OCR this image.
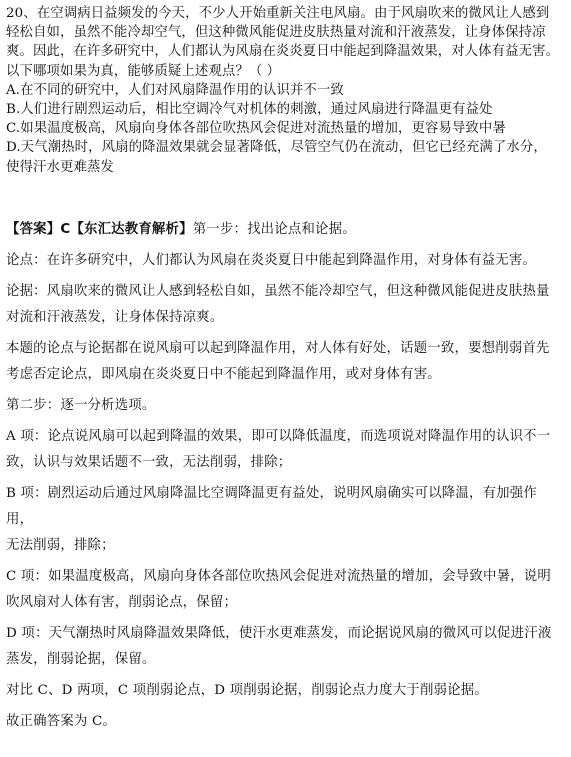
20、在空调病日益频发的今天，不少人开始重新关注电风扇。由于风扇吹来的微风让人感到
轻松自如，虽然不能冷却空气，但这种微风能促进皮肤热量对流和汗液蒸发，让身体保持凉
爽。因此，在许多研究中，人们都认为风扇在炎炎夏日中能起到降温效果，对人体有益无害。
以下哪项如果为真，能够质疑上述观点？（ ）

A.在不同的研究中，人们对风扇降温作用的认识并不一致

B.人们进行剧烈运动后，相比空调冷气对机体的刺激，通过风扇进行降温更有益处

C.如果温度极高，风扇向身体各部位吹热风会促进对流热量的增加，更容易导致中暑

D.天气潮热时，风扇的降温效果就会显著降低，尽管空气仍在流动，但它已经充满了水分，
使得汗水更难蒸发

【答案】C【东汇达教育解析】第一步：找出论点和论据。

论点：在许多研究中，人们都认为风扇在炎炎夏日中能起到降温作用，对身体有益无害。

论据：风扇吹来的微风让人感到轻松自如，虽然不能冷却空气，但这种微风能促进皮肤热量
对流和汗液蒸发，让身体保持凉爽。

本题的论点与论据都在说风扇可以起到降温作用，对人体有好处，话题一致，要想削弱首先
考虑否定论点，即风扇在炎炎夏日中不能起到降温作用，或对身体有害。

第二步：逐一分析选项。

A 项：论点说风扇可以起到降温的效果，即可以降低温度，而选项说对降温作用的认识不一
致，认识与效果话题不一致，无法削弱，排除；

B 项：剧烈运动后通过风扇降温比空调降温更有益处，说明风扇确实可以降温，有加强作用，
无法削弱，排除；

C 项：如果温度极高，风扇向身体各部位吹热风会促进对流热量的增加，会导致中暑，说明
吹风扇对人体有害，削弱论点，保留；

D 项：天气潮热时风扇降温效果降低，使汗水更难蒸发，而论据说风扇的微风可以促进汗液
蒸发，削弱论据，保留。

对比 C、D 两项，C 项削弱论点，D 项削弱论据，削弱论点力度大于削弱论据。

故正确答案为 C。
